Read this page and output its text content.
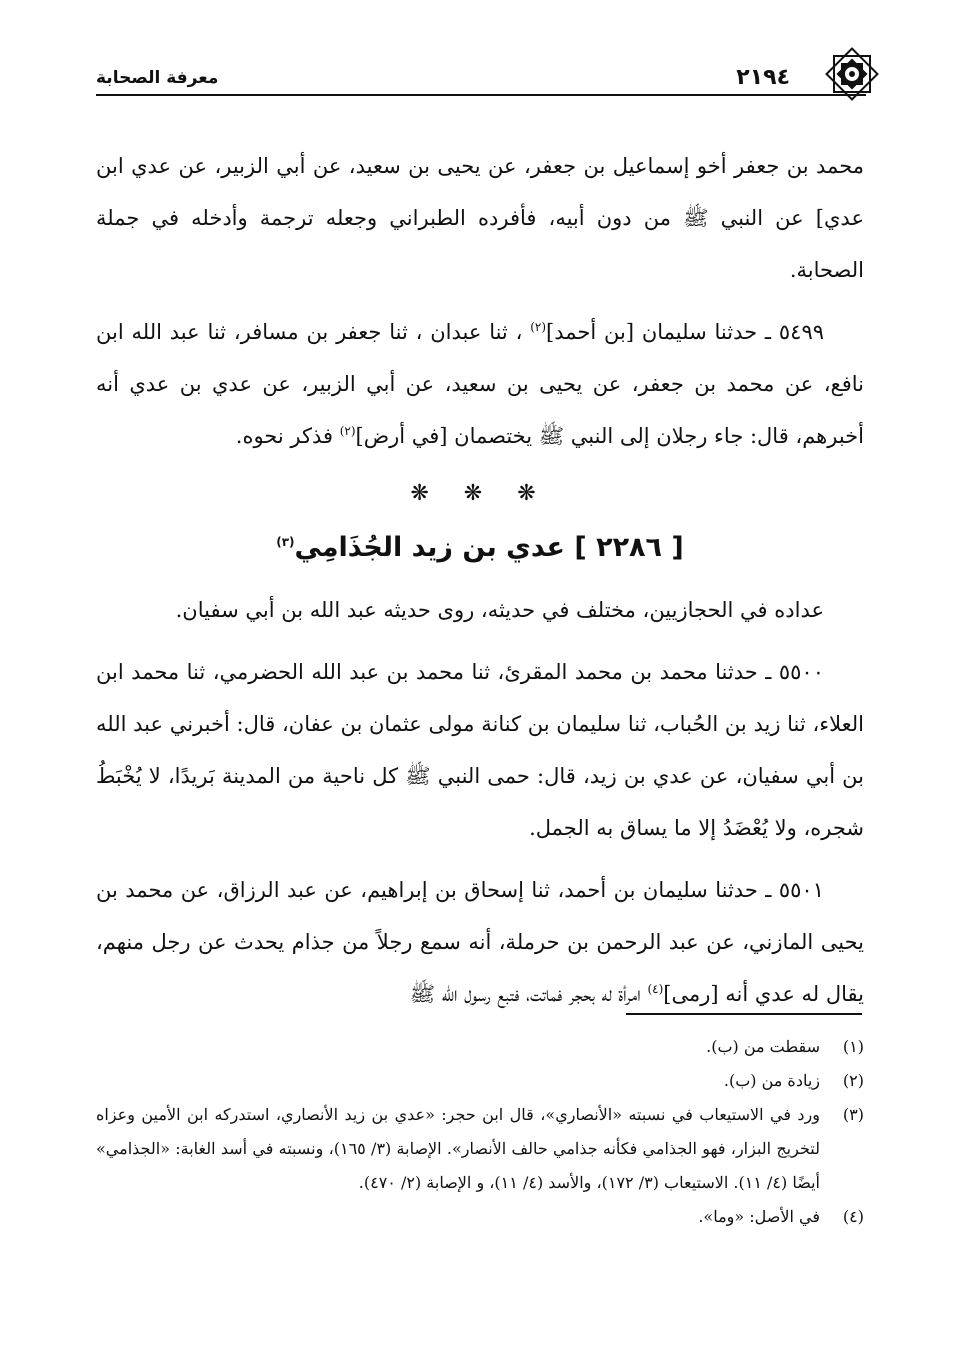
معرفة الصحابة	٢١٩٤

محمد بن جعفر أخو إسماعيل بن جعفر، عن يحيى بن سعيد، عن أبي الزبير، عن عدي ابن عدي] عن النبي ﷺ من دون أبيه، فأفرده الطبراني وجعله ترجمة وأدخله في جملة الصحابة.

٥٤٩٩ ـ حدثنا سليمان [بن أحمد]$^{(٢)}$ ، ثنا عبدان ، ثنا جعفر بن مسافر، ثنا عبد الله ابن نافع، عن محمد بن جعفر، عن يحيى بن سعيد، عن أبي الزبير، عن عدي بن عدي أنه أخبرهم، قال: جاء رجلان إلى النبي ﷺ يختصمان [في أرض]$^{(٢)}$ فذكر نحوه.

❋ ❋ ❋
[ ٢٢٨٦ ] عدي بن زيد الجُذَامِي$^{(٣)}$

عداده في الحجازيين، مختلف في حديثه، روى حديثه عبد الله بن أبي سفيان.

٥٥٠٠ ـ حدثنا محمد بن محمد المقرئ، ثنا محمد بن عبد الله الحضرمي، ثنا محمد ابن العلاء، ثنا زيد بن الحُباب، ثنا سليمان بن كنانة مولى عثمان بن عفان، قال: أخبرني عبد الله بن أبي سفيان، عن عدي بن زيد، قال: حمى النبي ﷺ كل ناحية من المدينة بَريدًا، لا يُخْبَطُ شجره، ولا يُعْضَدُ إلا ما يساق به الجمل.

٥٥٠١ ـ حدثنا سليمان بن أحمد، ثنا إسحاق بن إبراهيم، عن عبد الرزاق، عن محمد بن يحيى المازني، عن عبد الرحمن بن حرملة، أنه سمع رجلاً من جذام يحدث عن رجل منهم، يقال له عدي أنه [رمى]$^{(٤)}$ امرأة له بحجر فماتت، فتبع رسول الله ﷺ

(١)
سقطت من (ب).

(٢)
زيادة من (ب).

(٣)
ورد في الاستيعاب في نسبته «الأنصاري»، قال ابن حجر: «عدي بن زيد الأنصاري، استدركه ابن الأمين وعزاه لتخريج البزار، فهو الجذامي فكأنه جذامي حالف الأنصار». الإصابة (٣/ ١٦٥)، ونسبته في أسد الغابة: «الجذامي» أيضًا (٤/ ١١). الاستيعاب (٣/ ١٧٢)، والأسد (٤/ ١١)، و الإصابة (٢/ ٤٧٠).

(٤)
في الأصل: «وما».
